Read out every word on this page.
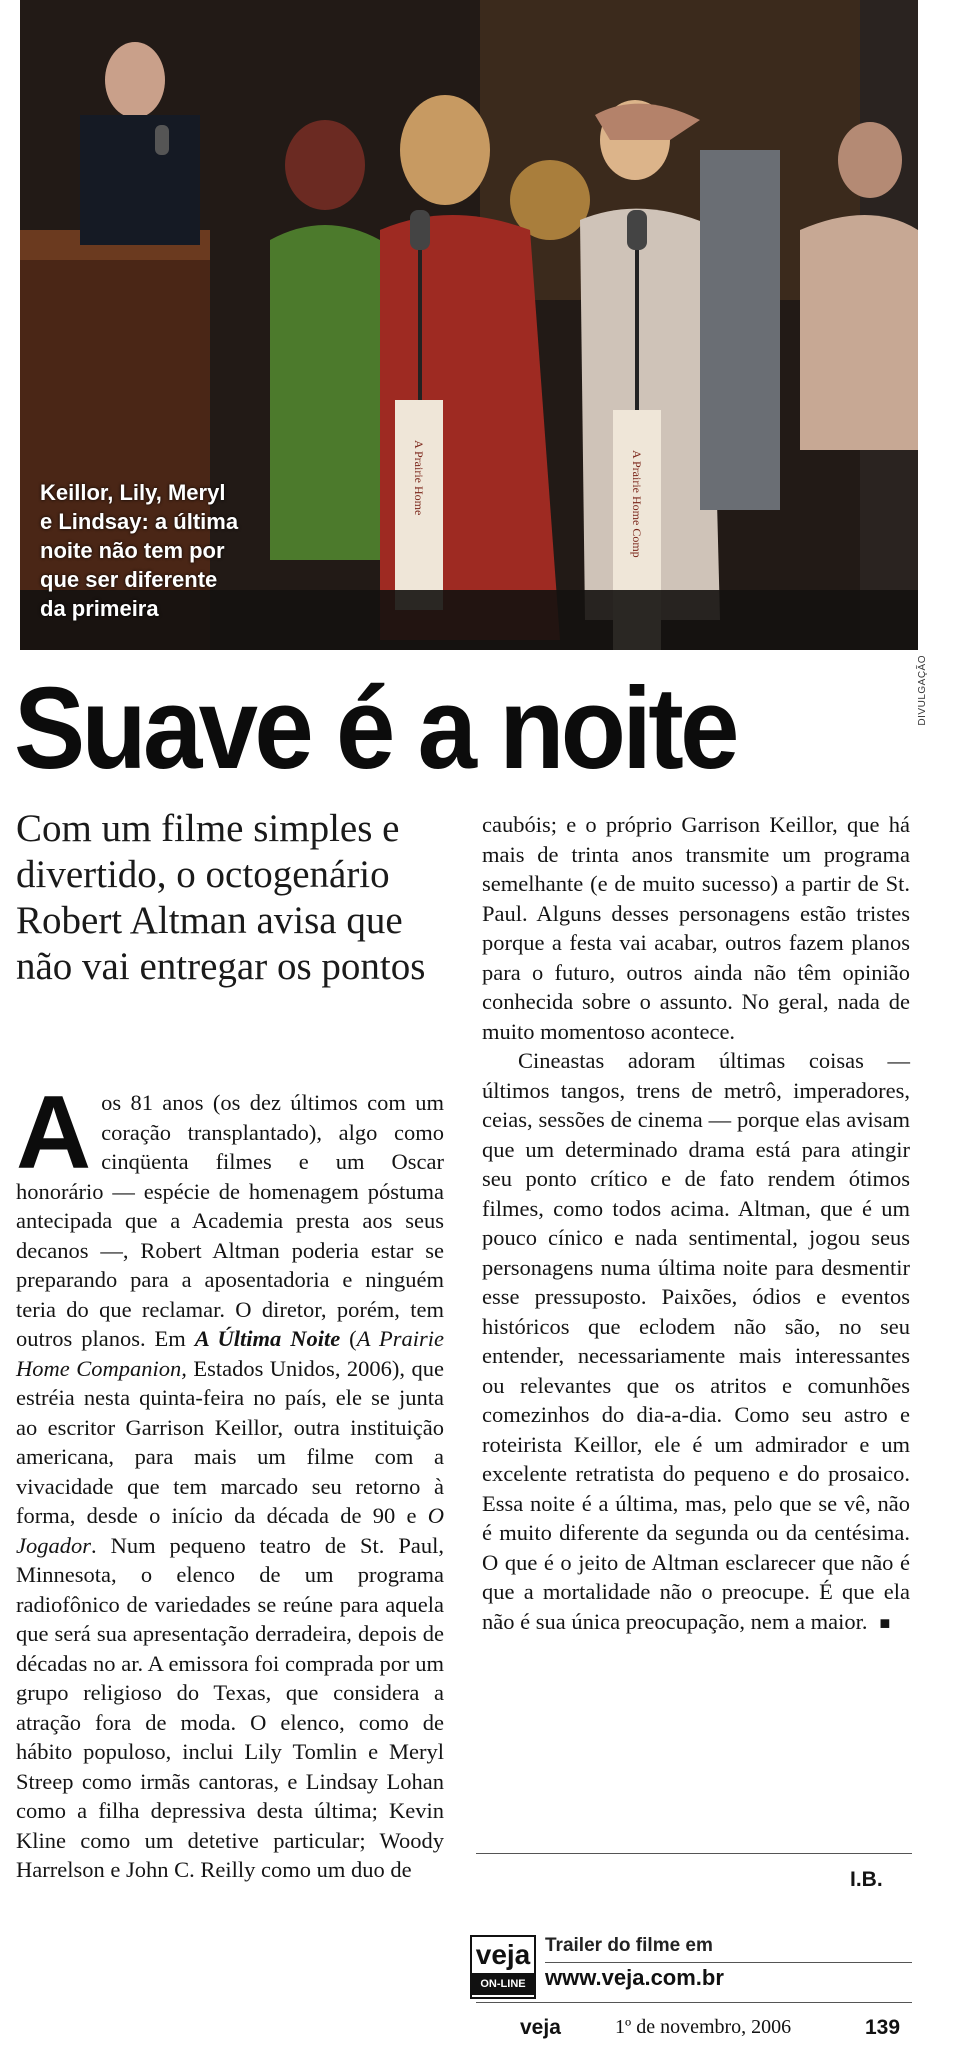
A Prairie Home	A Prairie Home Comp
Keillor, Lily, Meryl
e Lindsay: a última
noite não tem por
que ser diferente
da primeira
DIVULGAÇÃO
Suave é a noite
Com um filme simples e divertido, o octogenário Robert Altman avisa que não vai entregar os pontos

Aos 81 anos (os dez últimos com um coração transplantado), algo como cinqüenta filmes e um Oscar honorário — espécie de homenagem póstuma antecipada que a Academia presta aos seus decanos —, Robert Altman poderia estar se preparando para a aposentadoria e ninguém teria do que reclamar. O diretor, porém, tem outros planos. Em A Última Noite (A Prairie Home Companion, Estados Unidos, 2006), que estréia nesta quinta-feira no país, ele se junta ao escritor Garrison Keillor, outra instituição americana, para mais um filme com a vivacidade que tem marcado seu retorno à forma, desde o início da década de 90 e O Jogador. Num pequeno teatro de St. Paul, Minnesota, o elenco de um programa radiofônico de variedades se reúne para aquela que será sua apresentação derradeira, depois de décadas no ar. A emissora foi comprada por um grupo religioso do Texas, que considera a atração fora de moda. O elenco, como de hábito populoso, inclui Lily Tomlin e Meryl Streep como irmãs cantoras, e Lindsay Lohan como a filha depressiva desta última; Kevin Kline como um detetive particular; Woody Harrelson e John C. Reilly como um duo de

caubóis; e o próprio Garrison Keillor, que há mais de trinta anos transmite um programa semelhante (e de muito sucesso) a partir de St. Paul. Alguns desses personagens estão tristes porque a festa vai acabar, outros fazem planos para o futuro, outros ainda não têm opinião conhecida sobre o assunto. No geral, nada de muito momentoso acontece.

Cineastas adoram últimas coisas — últimos tangos, trens de metrô, imperadores, ceias, sessões de cinema — porque elas avisam que um determinado drama está para atingir seu ponto crítico e de fato rendem ótimos filmes, como todos acima. Altman, que é um pouco cínico e nada sentimental, jogou seus personagens numa última noite para desmentir esse pressuposto. Paixões, ódios e eventos históricos que eclodem não são, no seu entender, necessariamente mais interessantes ou relevantes que os atritos e comunhões comezinhos do dia-a-dia. Como seu astro e roteirista Keillor, ele é um admirador e um excelente retratista do pequeno e do prosaico. Essa noite é a última, mas, pelo que se vê, não é muito diferente da segunda ou da centésima. O que é o jeito de Altman esclarecer que não é que a mortalidade não o preocupe. É que ela não é sua única preocupação, nem a maior. ■

I.B.
veja
ON-LINE
Trailer do filme em
www.veja.com.br
veja	1º de novembro, 2006	139
